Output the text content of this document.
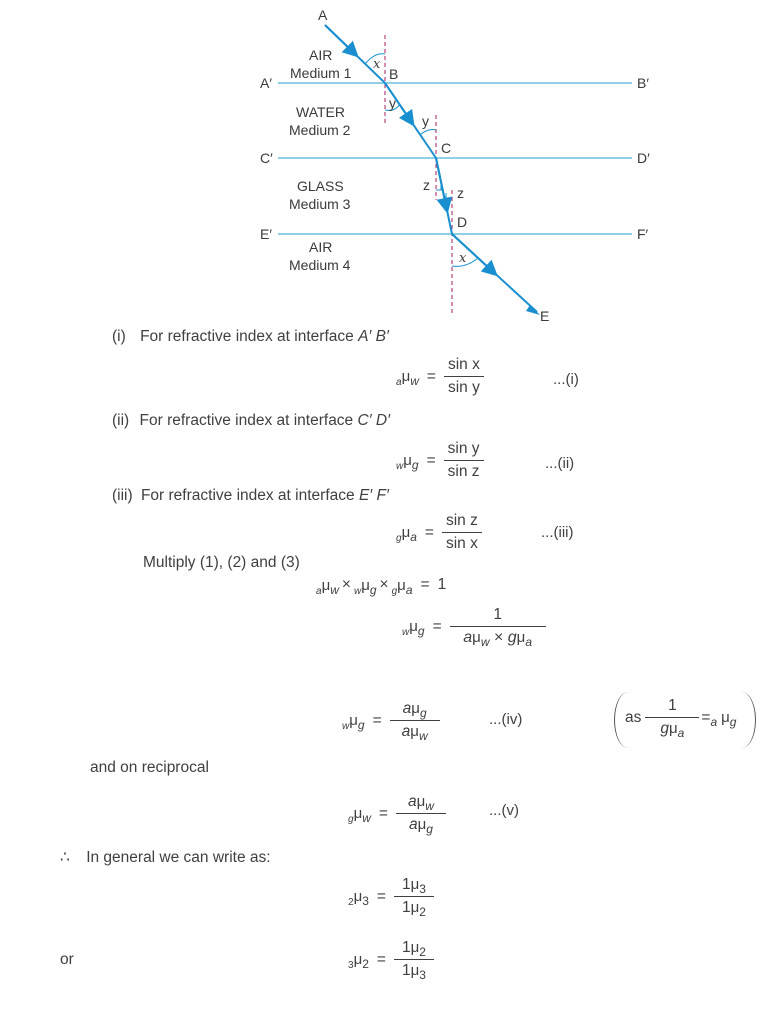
A
B
C
D
E
A′	B′
C′	D′
E′	F′
AIR
Medium 1
WATER
Medium 2
GLASS
Medium 3
AIR
Medium 4
x
y
y
z z
x
(i) For refractive index at interface A′ B′
a μ $w = \frac{\text{sin x}}{\text{sin y}}$	...(i)
(ii) For refractive index at interface C′ D′
w μ $g = \frac{\text{sin y}}{\text{sin z}}$	...(ii)
(iii) For refractive index at interface E′ F′
g μ $a = \frac{\text{sin z}}{\text{sin x}}$	...(iii)
Multiply (1), (2) and (3)
a μ w × w μ g × g μ a = 1
w μ $g = \frac{1}{a\mu_w \times g\mu_a}$
w μ $g = \frac{a\mu_g}{a\mu_w}$	...(iv)	as $\frac{1}{g\mu_a} = a$ μ g
and on reciprocal
g μ $w = \frac{a\mu_w}{a\mu_g}$	...(v)
∴ In general we can write as:
2 μ $3 = \frac{1\mu_3}{1\mu_2}$
or	3 μ $2 = \frac{1\mu_2}{1\mu_3}$
